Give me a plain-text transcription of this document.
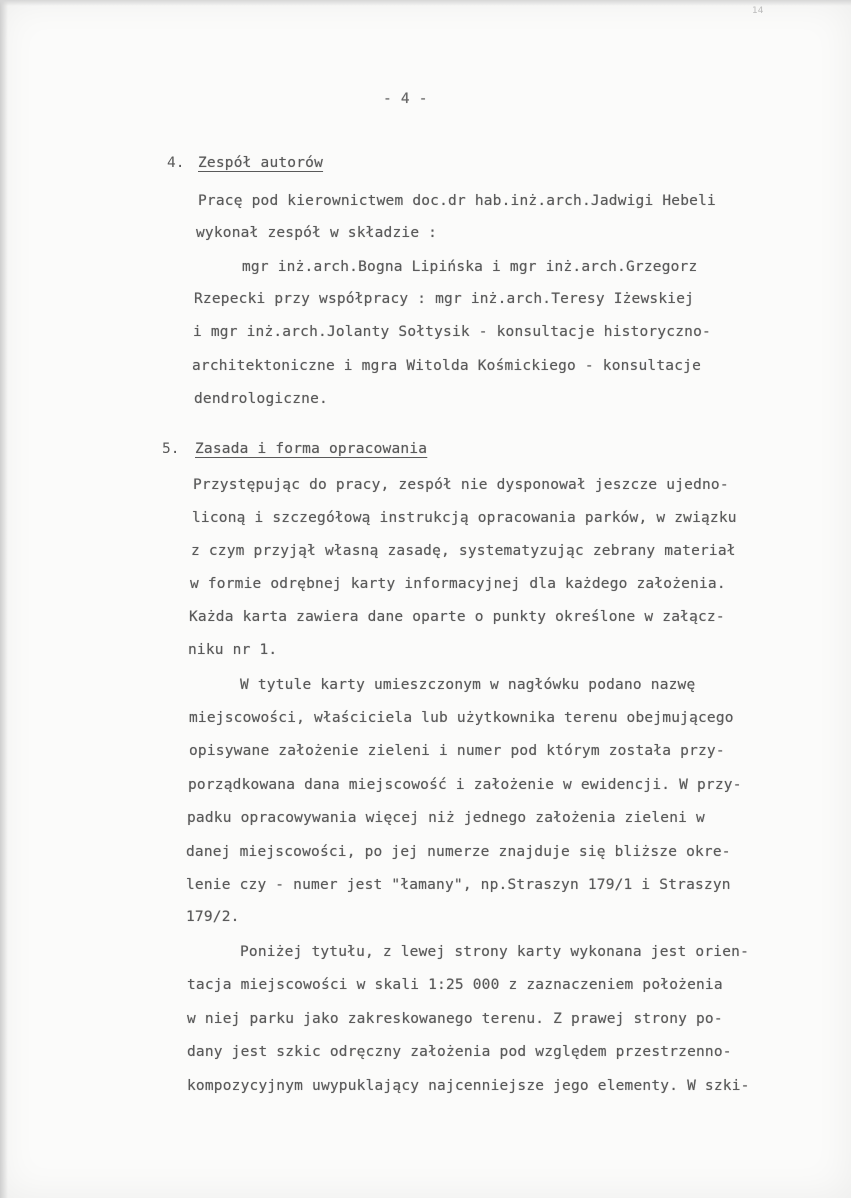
14
- 4 -
4. Zespół autorów
Pracę pod kierownictwem doc.dr hab.inż.arch.Jadwigi Hebeli
wykonał zespół w składzie :
mgr inż.arch.Bogna Lipińska i mgr inż.arch.Grzegorz
Rzepecki przy współpracy : mgr inż.arch.Teresy Iżewskiej
i mgr inż.arch.Jolanty Sołtysik - konsultacje historyczno-
architektoniczne i mgra Witolda Kośmickiego - konsultacje
dendrologiczne.
5. Zasada i forma opracowania
Przystępując do pracy, zespół nie dysponował jeszcze ujedno-
liconą i szczegółową instrukcją opracowania parków, w związku
z czym przyjął własną zasadę, systematyzując zebrany materiał
w formie odrębnej karty informacyjnej dla każdego założenia.
Każda karta zawiera dane oparte o punkty określone w załącz-
niku nr 1.
W tytule karty umieszczonym w nagłówku podano nazwę
miejscowości, właściciela lub użytkownika terenu obejmującego
opisywane założenie zieleni i numer pod którym została przy-
porządkowana dana miejscowość i założenie w ewidencji. W przy-
padku opracowywania więcej niż jednego założenia zieleni w
danej miejscowości, po jej numerze znajduje się bliższe okre-
lenie czy - numer jest "łamany", np.Straszyn 179/1 i Straszyn
179/2.
Poniżej tytułu, z lewej strony karty wykonana jest orien-
tacja miejscowości w skali 1:25 000 z zaznaczeniem położenia
w niej parku jako zakreskowanego terenu. Z prawej strony po-
dany jest szkic odręczny założenia pod względem przestrzenno-
kompozycyjnym uwypuklający najcenniejsze jego elementy. W szki-
